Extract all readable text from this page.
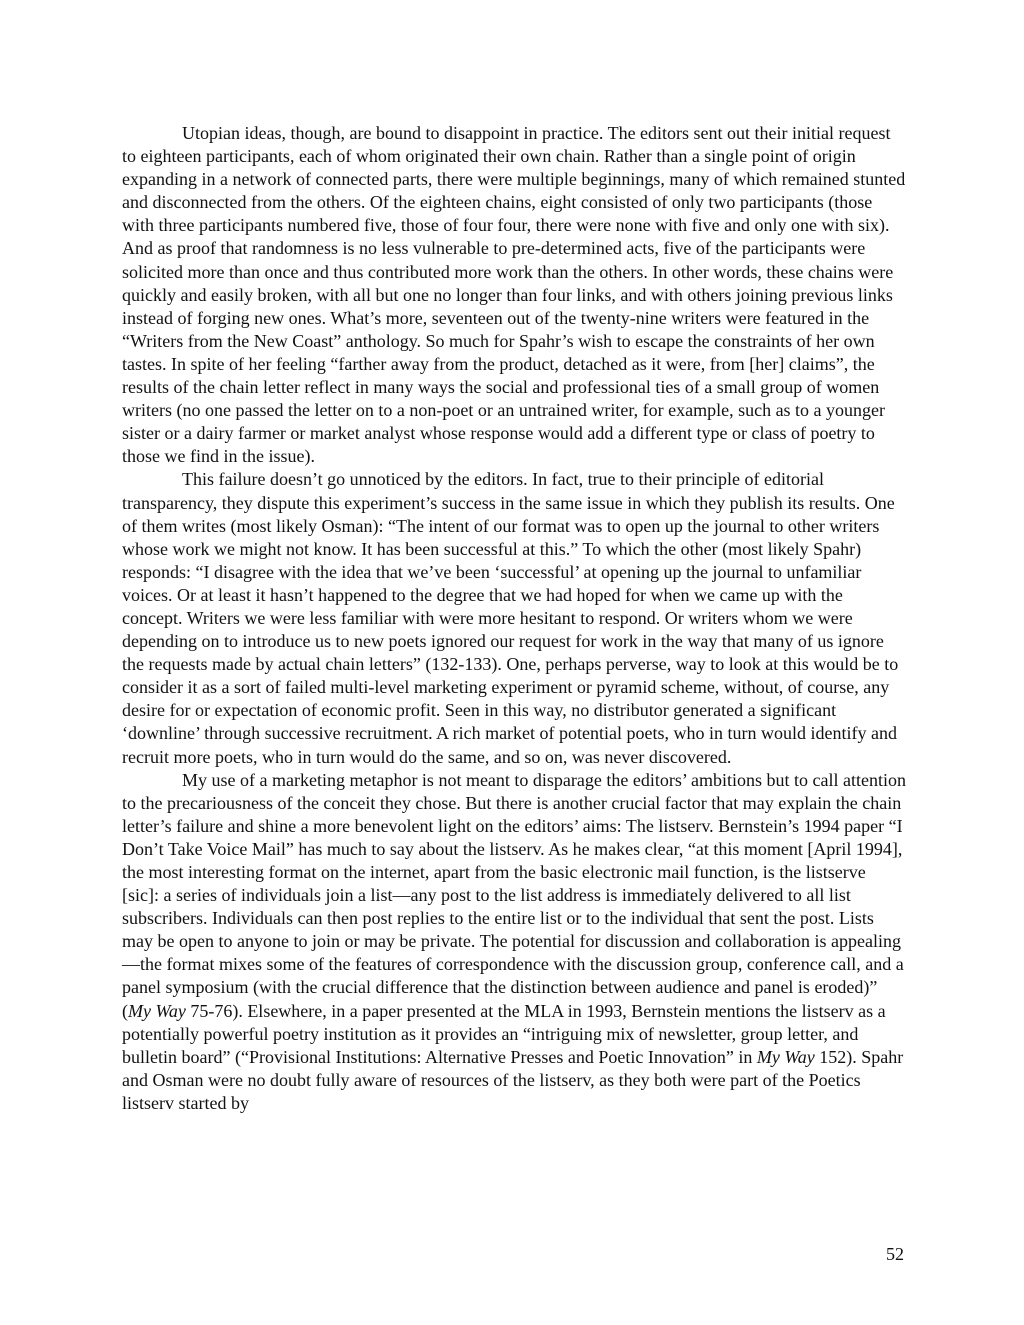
Utopian ideas, though, are bound to disappoint in practice. The editors sent out their initial request to eighteen participants, each of whom originated their own chain. Rather than a single point of origin expanding in a network of connected parts, there were multiple beginnings, many of which remained stunted and disconnected from the others. Of the eighteen chains, eight consisted of only two participants (those with three participants numbered five, those of four four, there were none with five and only one with six). And as proof that randomness is no less vulnerable to pre-determined acts, five of the participants were solicited more than once and thus contributed more work than the others. In other words, these chains were quickly and easily broken, with all but one no longer than four links, and with others joining previous links instead of forging new ones. What’s more, seventeen out of the twenty-nine writers were featured in the “Writers from the New Coast” anthology. So much for Spahr’s wish to escape the constraints of her own tastes. In spite of her feeling “farther away from the product, detached as it were, from [her] claims”, the results of the chain letter reflect in many ways the social and professional ties of a small group of women writers (no one passed the letter on to a non-poet or an untrained writer, for example, such as to a younger sister or a dairy farmer or market analyst whose response would add a different type or class of poetry to those we find in the issue).

This failure doesn’t go unnoticed by the editors. In fact, true to their principle of editorial transparency, they dispute this experiment’s success in the same issue in which they publish its results. One of them writes (most likely Osman): “The intent of our format was to open up the journal to other writers whose work we might not know. It has been successful at this.” To which the other (most likely Spahr) responds: “I disagree with the idea that we’ve been ‘successful’ at opening up the journal to unfamiliar voices. Or at least it hasn’t happened to the degree that we had hoped for when we came up with the concept. Writers we were less familiar with were more hesitant to respond. Or writers whom we were depending on to introduce us to new poets ignored our request for work in the way that many of us ignore the requests made by actual chain letters” (132-133). One, perhaps perverse, way to look at this would be to consider it as a sort of failed multi-level marketing experiment or pyramid scheme, without, of course, any desire for or expectation of economic profit. Seen in this way, no distributor generated a significant ‘downline’ through successive recruitment. A rich market of potential poets, who in turn would identify and recruit more poets, who in turn would do the same, and so on, was never discovered.

My use of a marketing metaphor is not meant to disparage the editors’ ambitions but to call attention to the precariousness of the conceit they chose. But there is another crucial factor that may explain the chain letter’s failure and shine a more benevolent light on the editors’ aims: The listserv. Bernstein’s 1994 paper “I Don’t Take Voice Mail” has much to say about the listserv. As he makes clear, “at this moment [April 1994], the most interesting format on the internet, apart from the basic electronic mail function, is the listserve [sic]: a series of individuals join a list—any post to the list address is immediately delivered to all list subscribers. Individuals can then post replies to the entire list or to the individual that sent the post. Lists may be open to anyone to join or may be private. The potential for discussion and collaboration is appealing—the format mixes some of the features of correspondence with the discussion group, conference call, and a panel symposium (with the crucial difference that the distinction between audience and panel is eroded)” (My Way 75-76). Elsewhere, in a paper presented at the MLA in 1993, Bernstein mentions the listserv as a potentially powerful poetry institution as it provides an “intriguing mix of newsletter, group letter, and bulletin board” (“Provisional Institutions: Alternative Presses and Poetic Innovation” in My Way 152). Spahr and Osman were no doubt fully aware of resources of the listserv, as they both were part of the Poetics listserv started by

52
